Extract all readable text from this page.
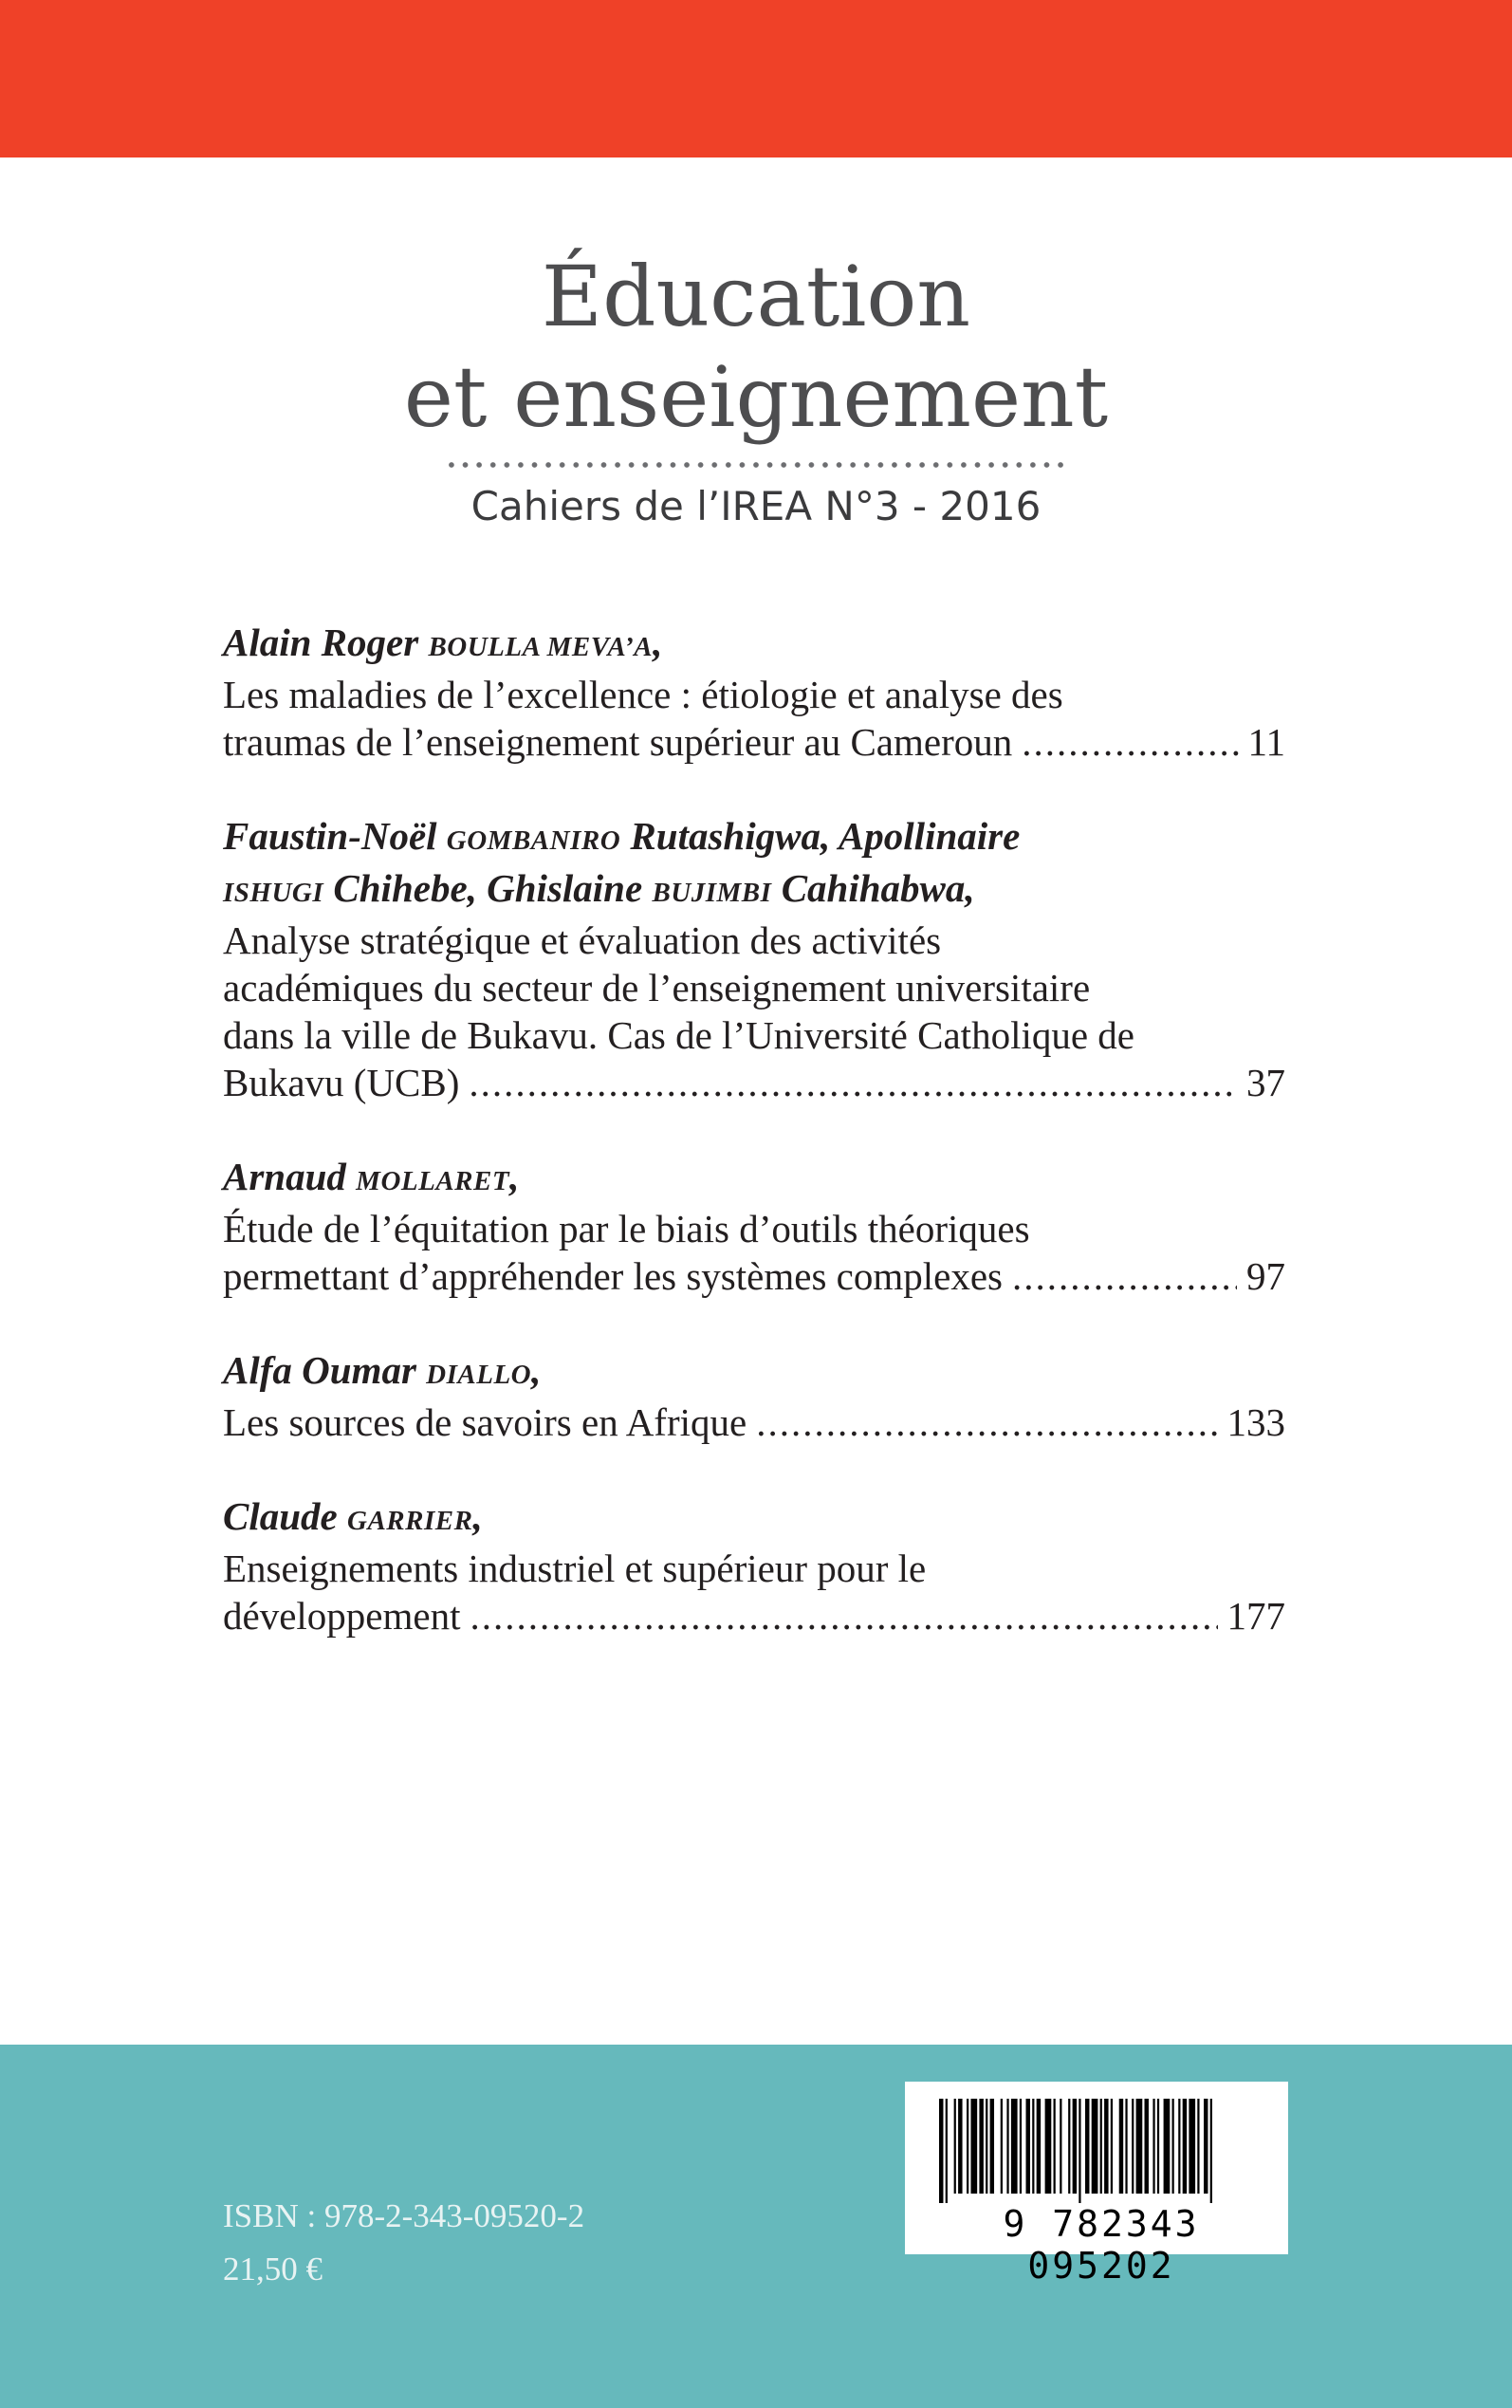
Éducation
et enseignement
Cahiers de l’IREA N°3 - 2016
Alain Roger BOULLA MEVA’A,
Les maladies de l’excellence : étiologie et analyse des
traumas de l’enseignement supérieur au Cameroun .....	11
Faustin-Noël GOMBANIRO Rutashigwa, Apollinaire
ISHUGI Chihebe, Ghislaine BUJIMBI Cahihabwa,
Analyse stratégique et évaluation des activités
académiques du secteur de l’enseignement universitaire
dans la ville de Bukavu. Cas de l’Université Catholique de
Bukavu (UCB) .....	37
Arnaud MOLLARET,
Étude de l’équitation par le biais d’outils théoriques
permettant d’appréhender les systèmes complexes .....	97
Alfa Oumar DIALLO,
Les sources de savoirs en Afrique .....	133
Claude GARRIER,
Enseignements industriel et supérieur pour le
développement .....	177
ISBN : 978-2-343-09520-2
21,50 €
9 782343 095202
